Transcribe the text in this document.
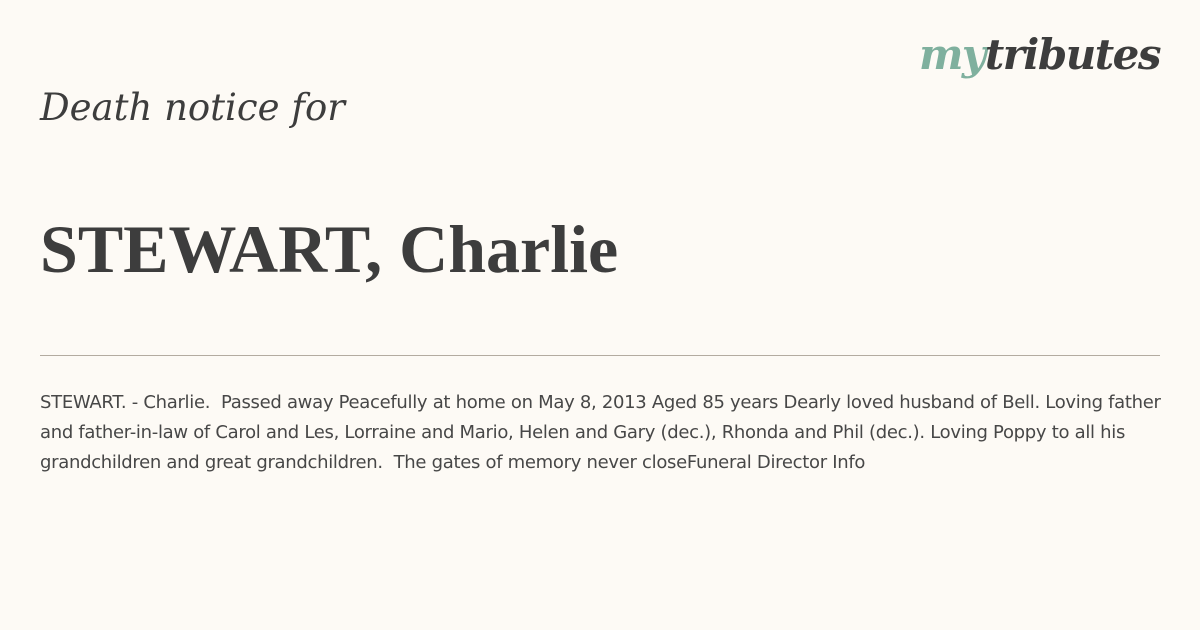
mytributes
Death notice for
STEWART, Charlie

STEWART. - Charlie.  Passed away Peacefully at home on May 8, 2013 Aged 85 years Dearly loved husband of Bell. Loving father and father-in-law of Carol and Les, Lorraine and Mario, Helen and Gary (dec.), Rhonda and Phil (dec.). Loving Poppy to all his grandchildren and great grandchildren.  The gates of memory never closeFuneral Director Info
